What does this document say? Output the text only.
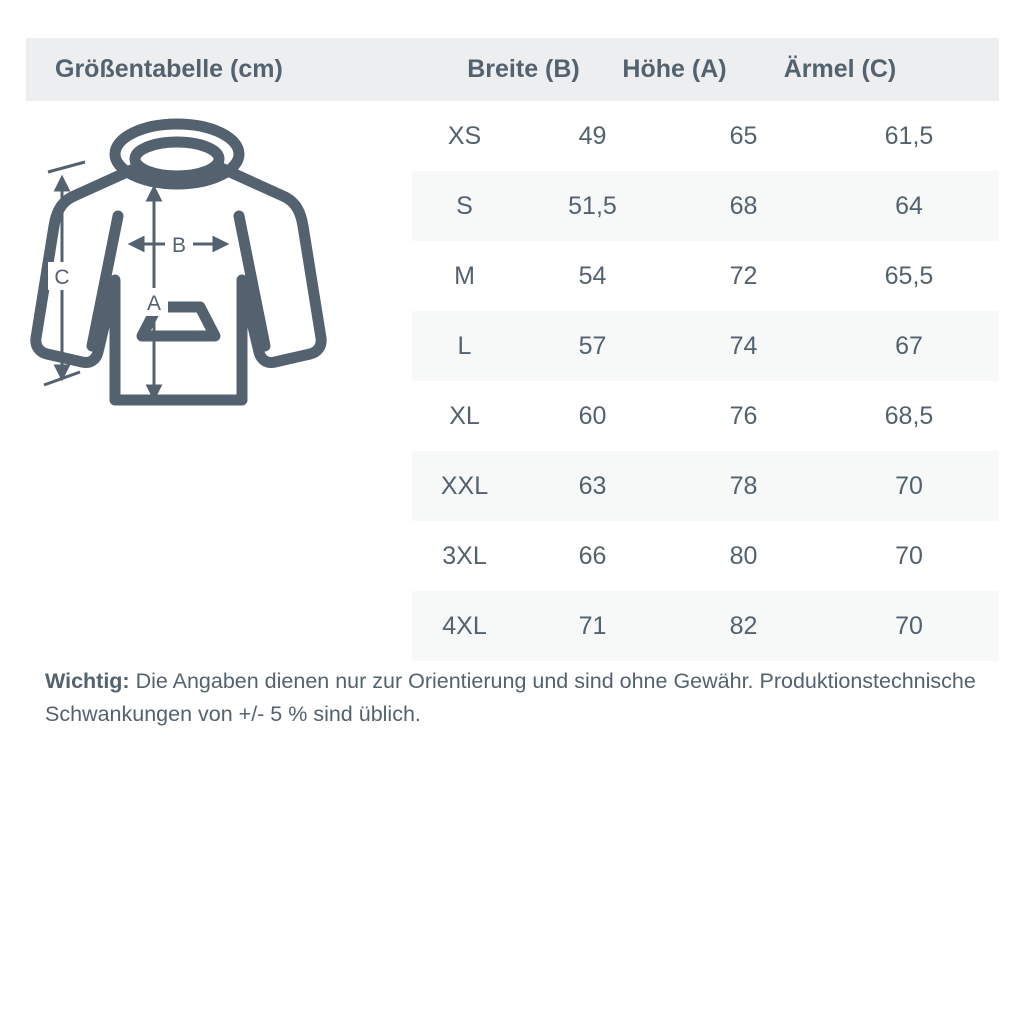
Größentabelle (cm)	Breite (B)	Höhe (A)	Ärmel (C)
XS	49	65	61,5
S	51,5	68	64
M	54	72	65,5
L	57	74	67
XL	60	76	68,5
XXL	63	78	70
3XL	66	80	70
4XL	71	82	70
Wichtig: Die Angaben dienen nur zur Orientierung und sind ohne Gewähr. Produktionstechnische Schwankungen von +/- 5 % sind üblich.
B
A
C
